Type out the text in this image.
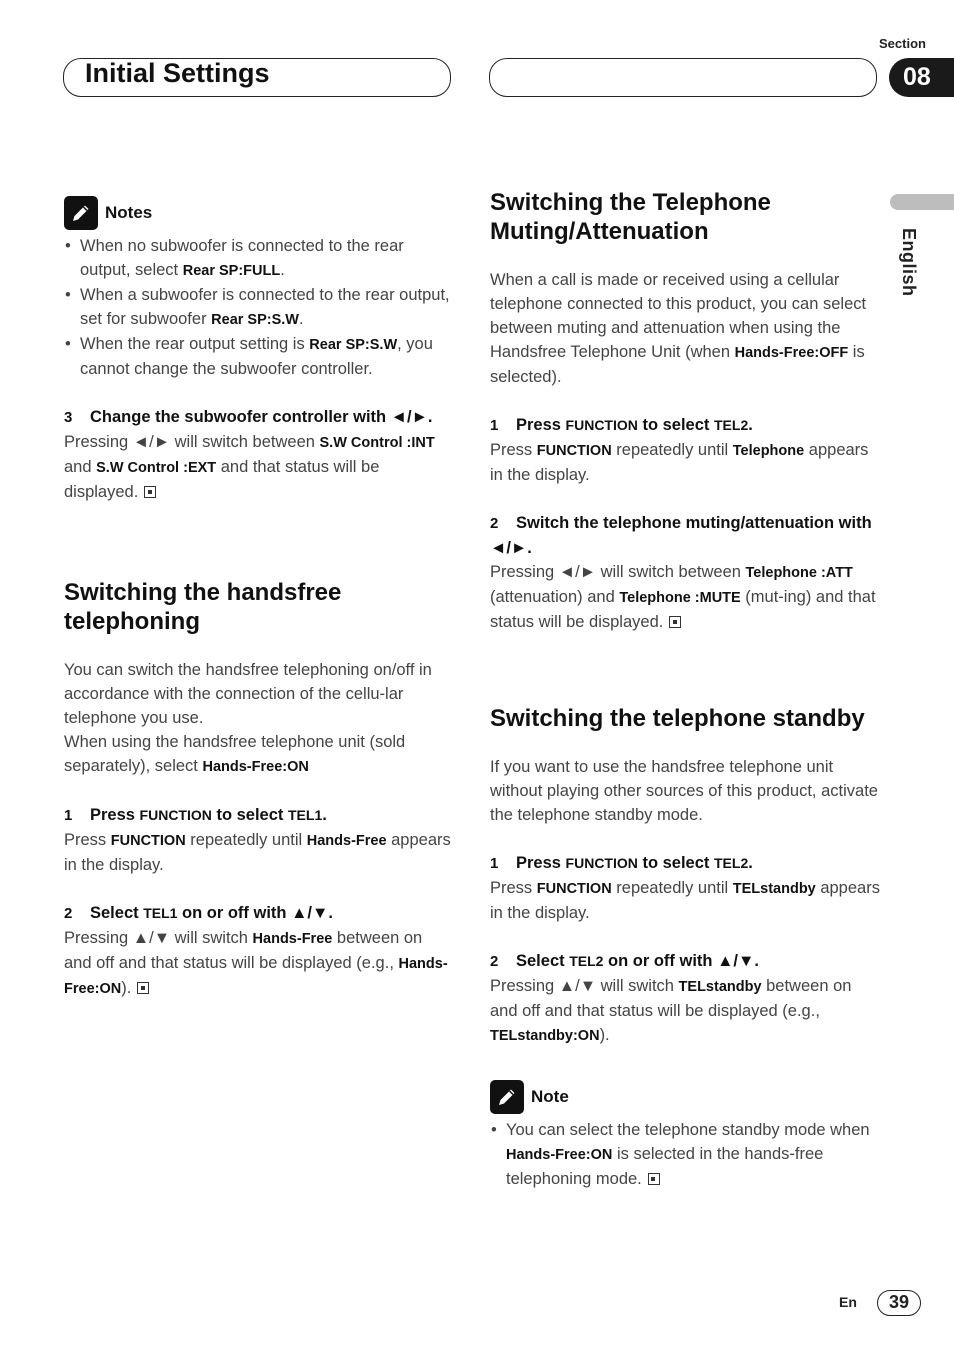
Initial Settings
Section
08
English
Notes
• When no subwoofer is connected to the rear output, select Rear SP:FULL.
• When a subwoofer is connected to the rear output, set for subwoofer Rear SP:S.W.
• When the rear output setting is Rear SP:S.W, you cannot change the subwoofer controller.

3 Change the subwoofer controller with ◄/►.

Pressing ◄/► will switch between S.W Control :INT and S.W Control :EXT and that status will be displayed.

Switching the handsfree telephoning

You can switch the handsfree telephoning on/off in accordance with the connection of the cellu-lar telephone you use.

When using the handsfree telephone unit (sold separately), select Hands-Free:ON

1 Press FUNCTION to select TEL1.

Press FUNCTION repeatedly until Hands-Free appears in the display.

2 Select TEL1 on or off with ▲/▼.

Pressing ▲/▼ will switch Hands-Free between on and off and that status will be displayed (e.g., Hands-Free:ON).

Switching the Telephone Muting/Attenuation

When a call is made or received using a cellular telephone connected to this product, you can select between muting and attenuation when using the Handsfree Telephone Unit (when Hands-Free:OFF is selected).

1 Press FUNCTION to select TEL2.

Press FUNCTION repeatedly until Telephone appears in the display.

2 Switch the telephone muting/attenuation with ◄/►.

Pressing ◄/► will switch between Telephone :ATT (attenuation) and Telephone :MUTE (mut-ing) and that status will be displayed.

Switching the telephone standby

If you want to use the handsfree telephone unit without playing other sources of this product, activate the telephone standby mode.

1 Press FUNCTION to select TEL2.

Press FUNCTION repeatedly until TELstandby appears in the display.

2 Select TEL2 on or off with ▲/▼.

Pressing ▲/▼ will switch TELstandby between on and off and that status will be displayed (e.g., TELstandby:ON).

Note
• You can select the telephone standby mode when Hands-Free:ON is selected in the hands-free telephoning mode.
En	39
